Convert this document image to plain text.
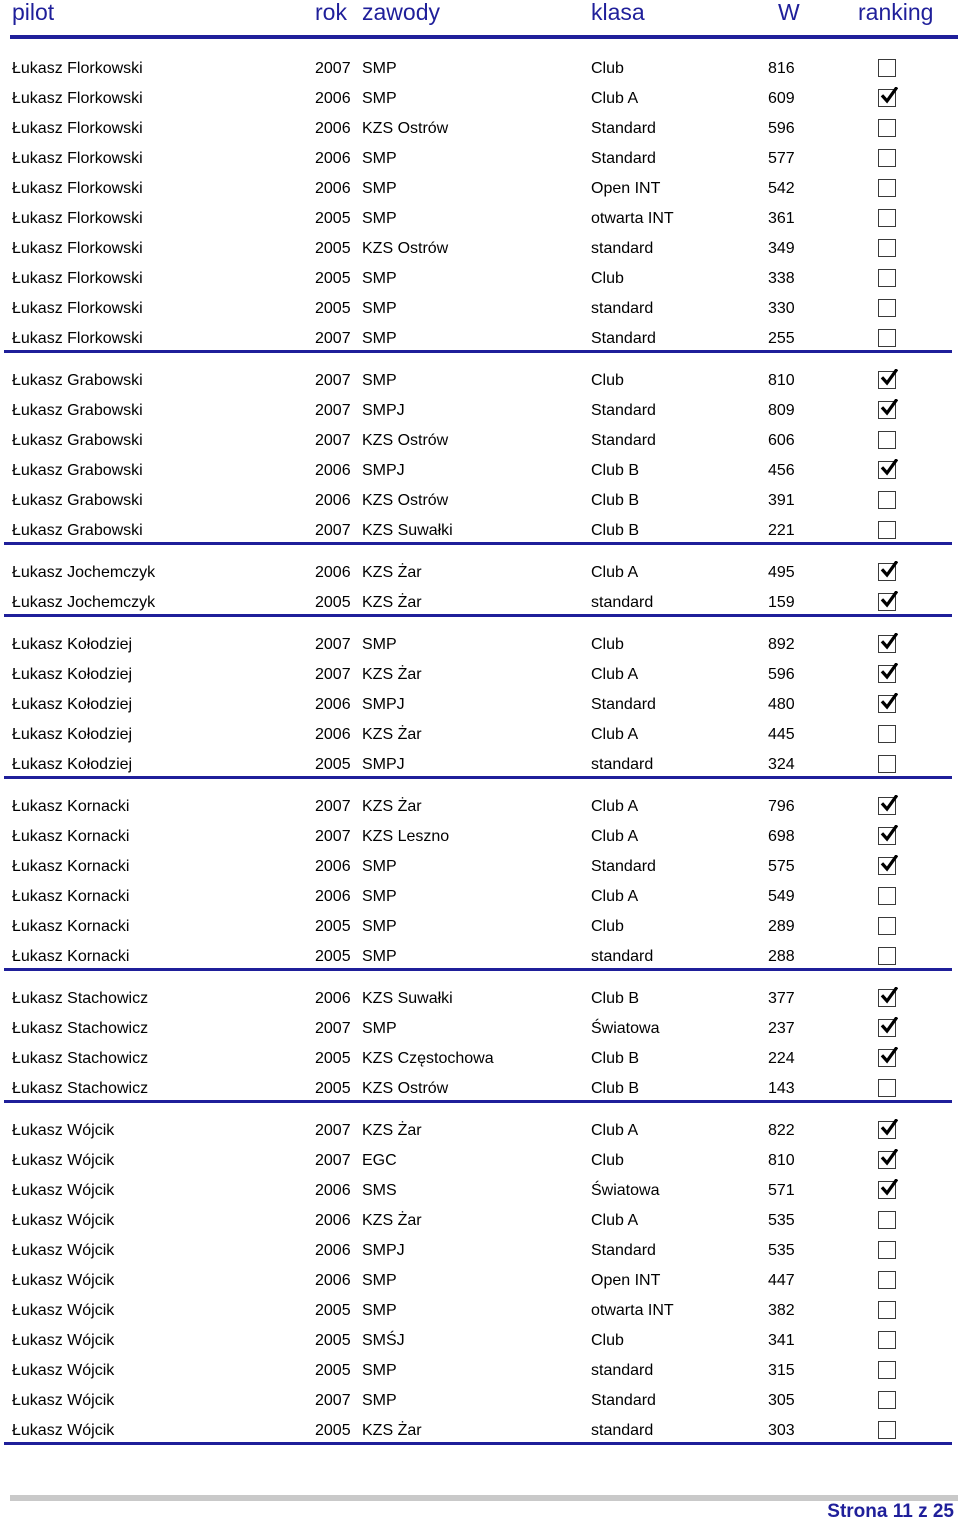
pilot	rok zawody	klasa	W	ranking
Łukasz Florkowski	2007 SMP	Club	816
Łukasz Florkowski	2006 SMP	Club A	609
Łukasz Florkowski	2006 KZS Ostrów	Standard	596
Łukasz Florkowski	2006 SMP	Standard	577
Łukasz Florkowski	2006 SMP	Open INT	542
Łukasz Florkowski	2005 SMP	otwarta INT	361
Łukasz Florkowski	2005 KZS Ostrów	standard	349
Łukasz Florkowski	2005 SMP	Club	338
Łukasz Florkowski	2005 SMP	standard	330
Łukasz Florkowski	2007 SMP	Standard	255
Łukasz Grabowski	2007 SMP	Club	810
Łukasz Grabowski	2007 SMPJ	Standard	809
Łukasz Grabowski	2007 KZS Ostrów	Standard	606
Łukasz Grabowski	2006 SMPJ	Club B	456
Łukasz Grabowski	2006 KZS Ostrów	Club B	391
Łukasz Grabowski	2007 KZS Suwałki	Club B	221
Łukasz Jochemczyk	2006 KZS Żar	Club A	495
Łukasz Jochemczyk	2005 KZS Żar	standard	159
Łukasz Kołodziej	2007 SMP	Club	892
Łukasz Kołodziej	2007 KZS Żar	Club A	596
Łukasz Kołodziej	2006 SMPJ	Standard	480
Łukasz Kołodziej	2006 KZS Żar	Club A	445
Łukasz Kołodziej	2005 SMPJ	standard	324
Łukasz Kornacki	2007 KZS Żar	Club A	796
Łukasz Kornacki	2007 KZS Leszno	Club A	698
Łukasz Kornacki	2006 SMP	Standard	575
Łukasz Kornacki	2006 SMP	Club A	549
Łukasz Kornacki	2005 SMP	Club	289
Łukasz Kornacki	2005 SMP	standard	288
Łukasz Stachowicz	2006 KZS Suwałki	Club B	377
Łukasz Stachowicz	2007 SMP	Światowa	237
Łukasz Stachowicz	2005 KZS Częstochowa	Club B	224
Łukasz Stachowicz	2005 KZS Ostrów	Club B	143
Łukasz Wójcik	2007 KZS Żar	Club A	822
Łukasz Wójcik	2007 EGC	Club	810
Łukasz Wójcik	2006 SMS	Światowa	571
Łukasz Wójcik	2006 KZS Żar	Club A	535
Łukasz Wójcik	2006 SMPJ	Standard	535
Łukasz Wójcik	2006 SMP	Open INT	447
Łukasz Wójcik	2005 SMP	otwarta INT	382
Łukasz Wójcik	2005 SMŚJ	Club	341
Łukasz Wójcik	2005 SMP	standard	315
Łukasz Wójcik	2007 SMP	Standard	305
Łukasz Wójcik	2005 KZS Żar	standard	303
Strona 11 z 25
